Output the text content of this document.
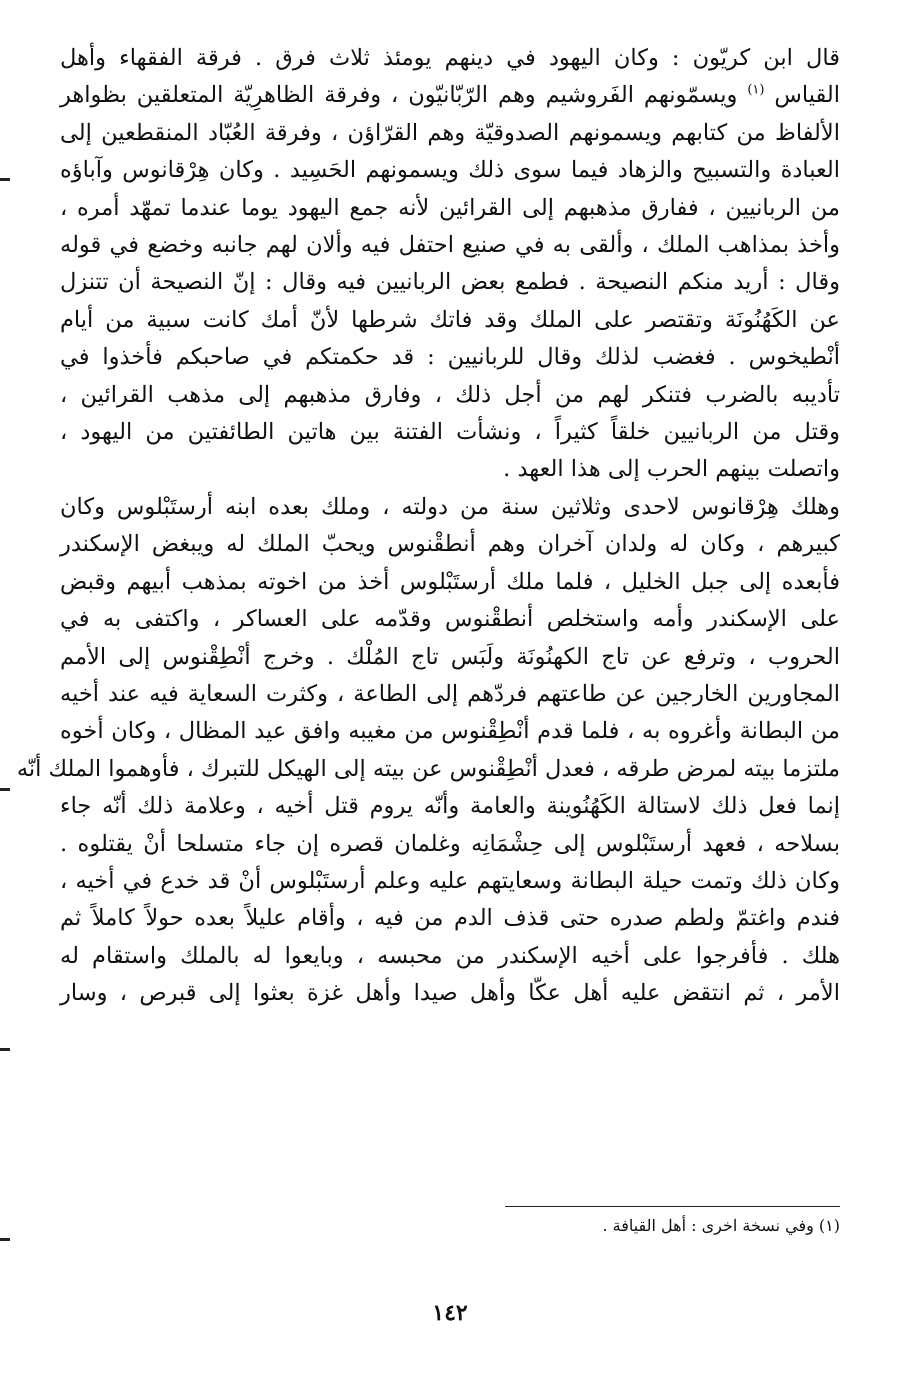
قال ابن كريّون : وكان اليهود في دينهم يومئذ ثلاث فرق . فرقة الفقهاء وأهل
القياس $^{(١)}$ ويسمّونهم الفَروشيم وهم الرّبّانيّون ، وفرقة الظاهرِيّة المتعلقين بظواهر
الألفاظ من كتابهم ويسمونهم الصدوقيّة وهم القرّاؤن ، وفرقة العُبّاد المنقطعين إلى
العبادة والتسبيح والزهاد فيما سوى ذلك ويسمونهم الحَسِيد . وكان هِرْقانوس وآباؤه
من الربانيين ، ففارق مذهبهم إلى القرائين لأنه جمع اليهود يوما عندما تمهّد أمره ،
وأخذ بمذاهب الملك ، وألقى به في صنيع احتفل فيه وألان لهم جانبه وخضع في قوله
وقال : أريد منكم النصيحة . فطمع بعض الربانيين فيه وقال : إنّ النصيحة أن تتنزل
عن الكَهُنُونَة وتقتصر على الملك وقد فاتك شرطها لأنّ أمك كانت سبية من أيام
أنْطيخوس . فغضب لذلك وقال للربانيين : قد حكمتكم في صاحبكم فأخذوا في
تأديبه بالضرب فتنكر لهم من أجل ذلك ، وفارق مذهبهم إلى مذهب القرائين ،
وقتل من الربانيين خلقاً كثيراً ، ونشأت الفتنة بين هاتين الطائفتين من اليهود ،
واتصلت بينهم الحرب إلى هذا العهد .
وهلك هِرْقانوس لاحدى وثلاثين سنة من دولته ، وملك بعده ابنه أرستَبْلوس وكان
كبيرهم ، وكان له ولدان آخران وهم أنطقْنوس ويحبّ الملك له ويبغض الإسكندر
فأبعده إلى جبل الخليل ، فلما ملك أرستَبْلوس أخذ من اخوته بمذهب أبيهم وقبض
على الإسكندر وأمه واستخلص أنطقْنوس وقدّمه على العساكر ، واكتفى به في
الحروب ، وترفع عن تاج الكهنُونَة ولَبَس تاج المُلْك . وخرج أنْطِقْنوس إلى الأمم
المجاورين الخارجين عن طاعتهم فردّهم إلى الطاعة ، وكثرت السعاية فيه عند أخيه
من البطانة وأغروه به ، فلما قدم أنْطِقْنوس من مغيبه وافق عيد المظال ، وكان أخوه
ملتزما بيته لمرض طرقه ، فعدل أنْطِقْنوس عن بيته إلى الهيكل للتبرك ، فأوهموا الملك أنّه
إنما فعل ذلك لاستالة الكَهُنُوينة والعامة وأنّه يروم قتل أخيه ، وعلامة ذلك أنّه جاء
بسلاحه ، فعهد أرستَبْلوس إلى حِشْمَانِه وغلمان قصره إن جاء متسلحا أنْ يقتلوه .
وكان ذلك وتمت حيلة البطانة وسعايتهم عليه وعلم أرستَبْلوس أنْ قد خدع في أخيه ،
فندم واغتمّ ولطم صدره حتى قذف الدم من فيه ، وأقام عليلاً بعده حولاً كاملاً ثم
هلك . فأفرجوا على أخيه الإسكندر من محبسه ، وبايعوا له بالملك واستقام له
الأمر ، ثم انتقض عليه أهل عكّا وأهل صيدا وأهل غزة بعثوا إلى قبرص ، وسار
(١) وفي نسخة اخرى : أهل القيافة .
١٤٢
